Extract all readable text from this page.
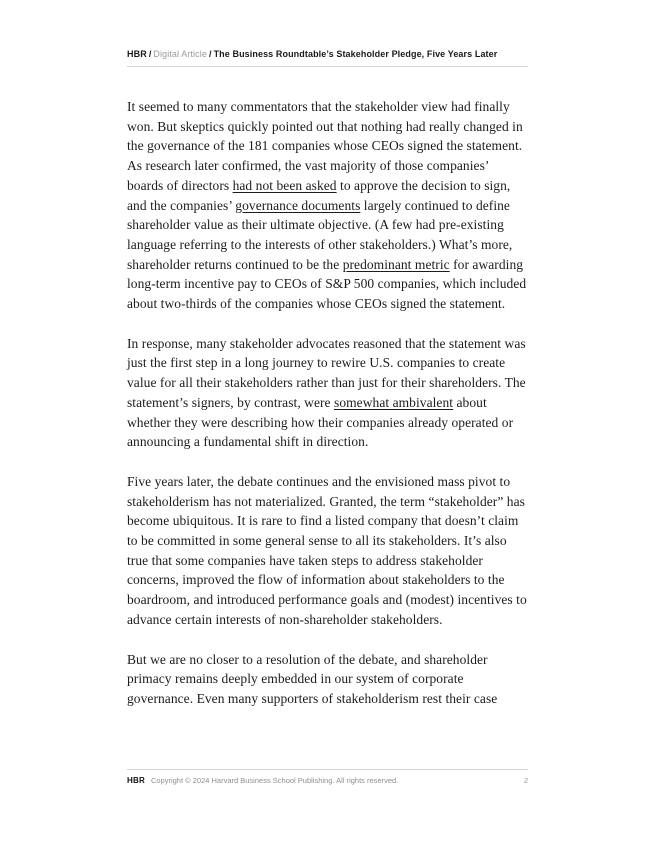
HBR / Digital Article / The Business Roundtable’s Stakeholder Pledge, Five Years Later

It seemed to many commentators that the stakeholder view had finally won. But skeptics quickly pointed out that nothing had really changed in the governance of the 181 companies whose CEOs signed the statement. As research later confirmed, the vast majority of those companies’ boards of directors had not been asked to approve the decision to sign, and the companies’ governance documents largely continued to define shareholder value as their ultimate objective. (A few had pre-existing language referring to the interests of other stakeholders.) What’s more, shareholder returns continued to be the predominant metric for awarding long-term incentive pay to CEOs of S&P 500 companies, which included about two-thirds of the companies whose CEOs signed the statement.

In response, many stakeholder advocates reasoned that the statement was just the first step in a long journey to rewire U.S. companies to create value for all their stakeholders rather than just for their shareholders. The statement’s signers, by contrast, were somewhat ambivalent about whether they were describing how their companies already operated or announcing a fundamental shift in direction.

Five years later, the debate continues and the envisioned mass pivot to stakeholderism has not materialized. Granted, the term “stakeholder” has become ubiquitous. It is rare to find a listed company that doesn’t claim to be committed in some general sense to all its stakeholders. It’s also true that some companies have taken steps to address stakeholder concerns, improved the flow of information about stakeholders to the boardroom, and introduced performance goals and (modest) incentives to advance certain interests of non-shareholder stakeholders.

But we are no closer to a resolution of the debate, and shareholder primacy remains deeply embedded in our system of corporate governance. Even many supporters of stakeholderism rest their case

HBR Copyright © 2024 Harvard Business School Publishing. All rights reserved.	2
